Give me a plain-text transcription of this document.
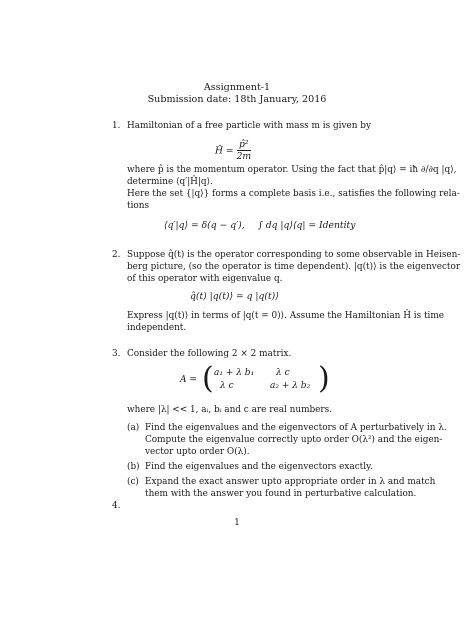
Assignment-1
Submission date: 18th January, 2016
1. Hamiltonian of a free particle with mass m is given by
Ĥ = $\frac{\text{p̂²}}{2m}$
where p̂ is the momentum operator. Using the fact that p̂|q⟩ = iħ ∂/∂q |q⟩,
determine ⟨q′|Ĥ|q⟩.
Here the set {|q⟩} forms a complete basis i.e., satisfies the following rela-
tions
⟨q′|q⟩ = δ(q − q′), ∫ dq |q⟩⟨q| = Identity
2. Suppose q̂(t) is the operator corresponding to some observable in Heisen-
berg picture, (so the operator is time dependent). |q(t)⟩ is the eigenvector
of this operator with eigenvalue q.
q̂(t) |q(t)⟩ = q |q(t)⟩
Express |q(t)⟩ in terms of |q(t = 0)⟩. Assume the Hamiltonian Ĥ is time
independent.
3. Consider the following 2 × 2 matrix.
A = ( a₁ + λ b₁ λ c
λ c	a₂ + λ b₂ )
where |λ| << 1, aᵢ, bᵢ and c are real numbers.
(a) Find the eigenvalues and the eigenvectors of A perturbatively in λ.
Compute the eigenvalue correctly upto order O(λ²) and the eigen-
vector upto order O(λ).
(b) Find the eigenvalues and the eigenvectors exactly.
(c) Expand the exact answer upto appropriate order in λ and match
them with the answer you found in perturbative calculation.
1
4.
